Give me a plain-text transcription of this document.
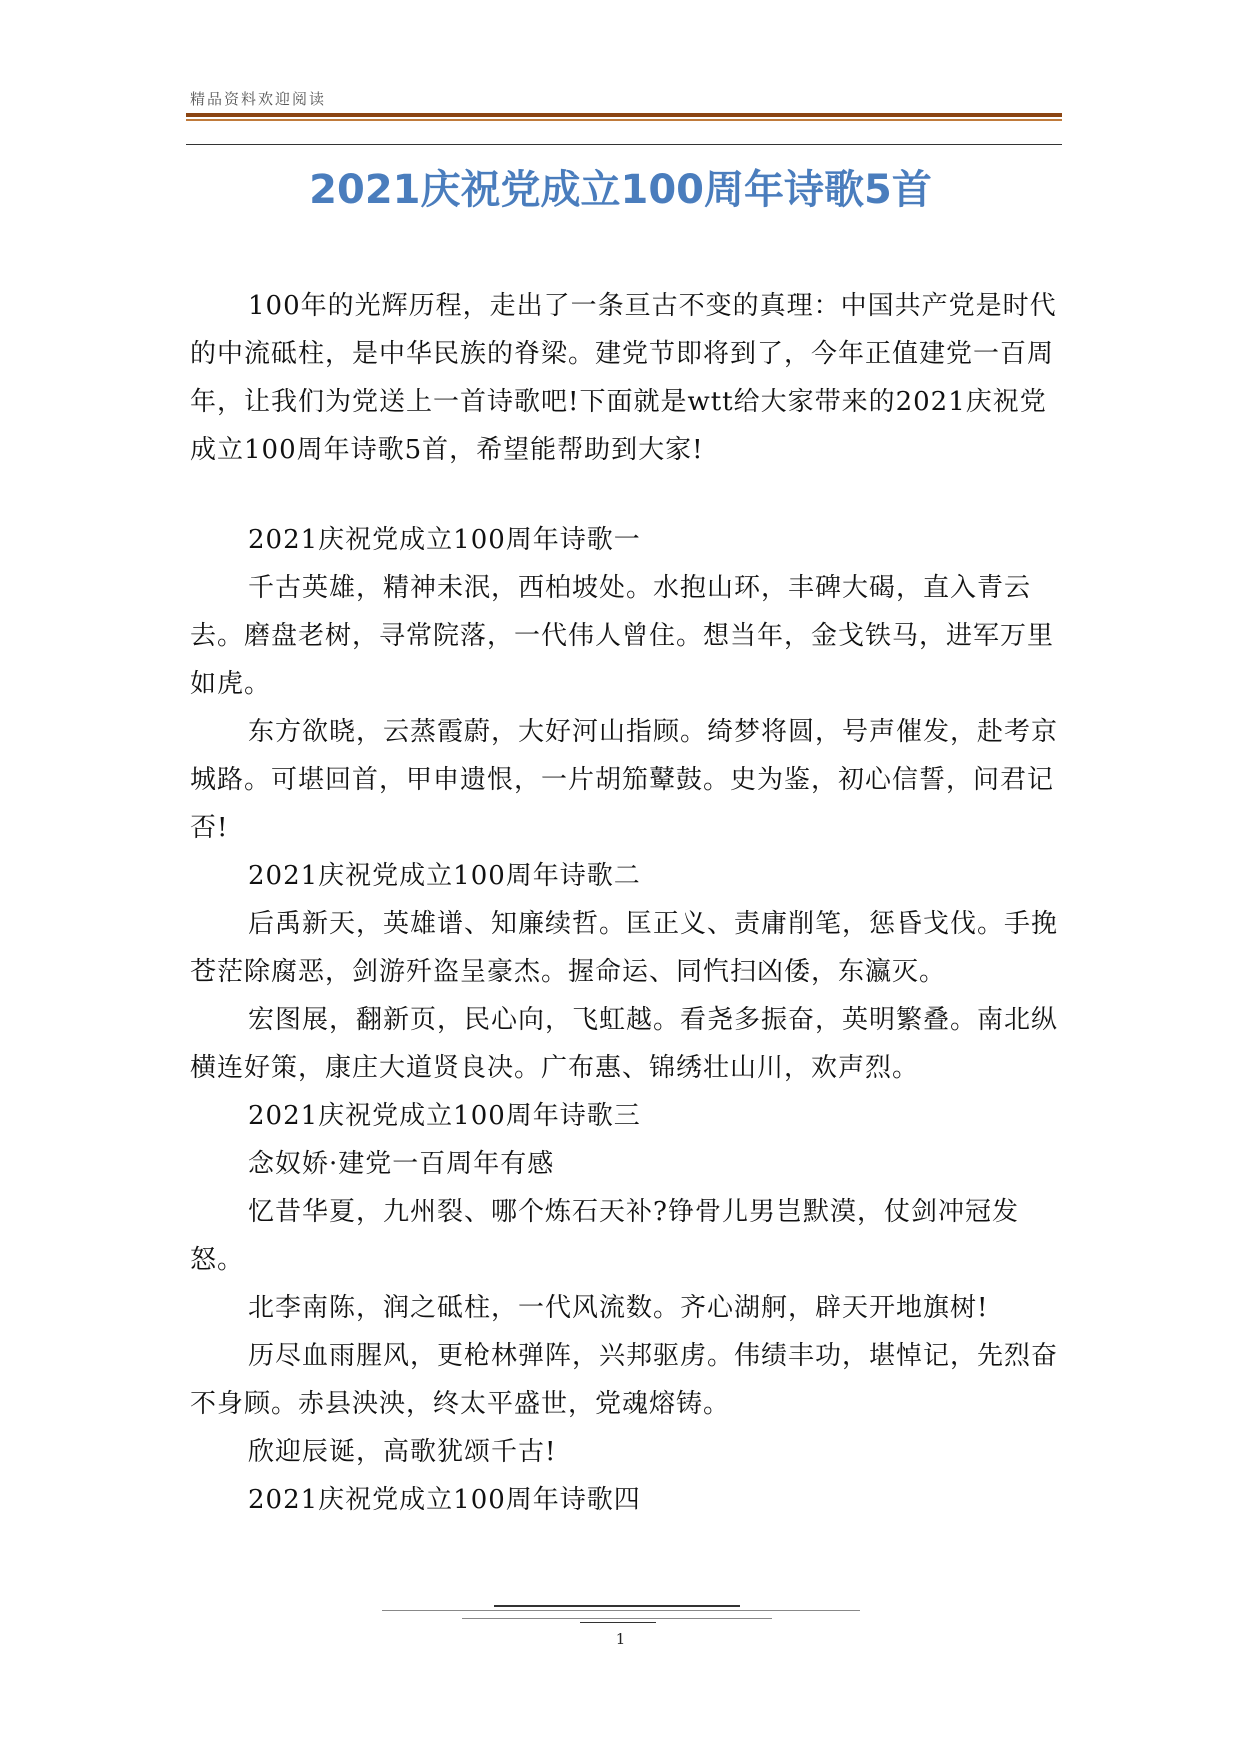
精品资料欢迎阅读
2021庆祝党成立100周年诗歌5首

100年的光辉历程，走出了一条亘古不变的真理：中国共产党是时代的中流砥柱，是中华民族的脊梁。建党节即将到了，今年正值建党一百周年，让我们为党送上一首诗歌吧!下面就是wtt给大家带来的2021庆祝党成立100周年诗歌5首，希望能帮助到大家!

2021庆祝党成立100周年诗歌一

千古英雄，精神未泯，西柏坡处。水抱山环，丰碑大碣，直入青云去。磨盘老树，寻常院落，一代伟人曾住。想当年，金戈铁马，进军万里如虎。

东方欲晓，云蒸霞蔚，大好河山指顾。绮梦将圆，号声催发，赴考京城路。可堪回首，甲申遗恨，一片胡笳鼙鼓。史为鉴，初心信誓，问君记否!

2021庆祝党成立100周年诗歌二

后禹新天，英雄谱、知廉续哲。匡正义、责庸削笔，惩昏戈伐。手挽苍茫除腐恶，剑游歼盗呈豪杰。握命运、同忾扫凶倭，东瀛灭。

宏图展，翻新页，民心向，飞虹越。看尧多振奋，英明繁叠。南北纵横连好策，康庄大道贤良决。广布惠、锦绣壮山川，欢声烈。

2021庆祝党成立100周年诗歌三

念奴娇·建党一百周年有感

忆昔华夏，九州裂、哪个炼石天补?铮骨儿男岂默漠，仗剑冲冠发怒。

北李南陈，润之砥柱，一代风流数。齐心湖舸，辟天开地旗树!

历尽血雨腥风，更枪林弹阵，兴邦驱虏。伟绩丰功，堪悼记，先烈奋不身顾。赤县泱泱，终太平盛世，党魂熔铸。

欣迎辰诞，高歌犹颂千古!

2021庆祝党成立100周年诗歌四

1
